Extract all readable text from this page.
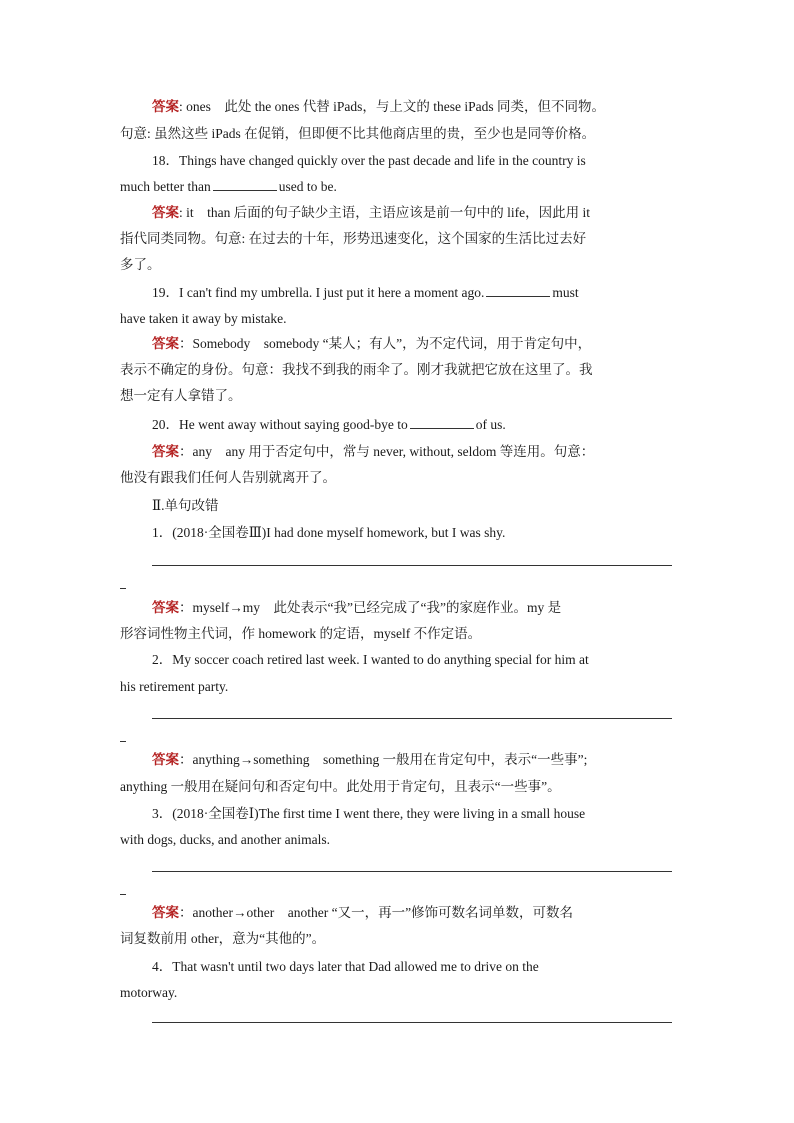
答案: ones　此处 the ones 代替 iPads，与上文的 these iPads 同类，但不同物。
句意: 虽然这些 iPads 在促销，但即便不比其他商店里的贵，至少也是同等价格。
18．Things have changed quickly over the past decade and life in the country is
much better than	used to be.
答案: it　than 后面的句子缺少主语，主语应该是前一句中的 life，因此用 it
指代同类同物。句意: 在过去的十年，形势迅速变化，这个国家的生活比过去好
多了。
19．I can't find my umbrella. I just put it here a moment ago.	must
have taken it away by mistake.
答案：Somebody　somebody “某人；有人”，为不定代词，用于肯定句中，
表示不确定的身份。句意：我找不到我的雨伞了。刚才我就把它放在这里了。我
想一定有人拿错了。
20．He went away without saying good-bye to	of us.
答案：any　any 用于否定句中，常与 never, without, seldom 等连用。句意：
他没有跟我们任何人告别就离开了。
Ⅱ.单句改错
1．(2018·全国卷Ⅲ)I had done myself homework, but I was shy.
答案：myself→my　此处表示“我”已经完成了“我”的家庭作业。my 是
形容词性物主代词，作 homework 的定语，myself 不作定语。
2．My soccer coach retired last week. I wanted to do anything special for him at
his retirement party.
答案：anything→something　something 一般用在肯定句中，表示“一些事”;
anything 一般用在疑问句和否定句中。此处用于肯定句，且表示“一些事”。
3．(2018·全国卷Ⅰ)The first time I went there, they were living in a small house
with dogs, ducks, and another animals.
答案：another→other　another “又一，再一”修饰可数名词单数，可数名
词复数前用 other，意为“其他的”。
4．That wasn't until two days later that Dad allowed me to drive on the
motorway.
